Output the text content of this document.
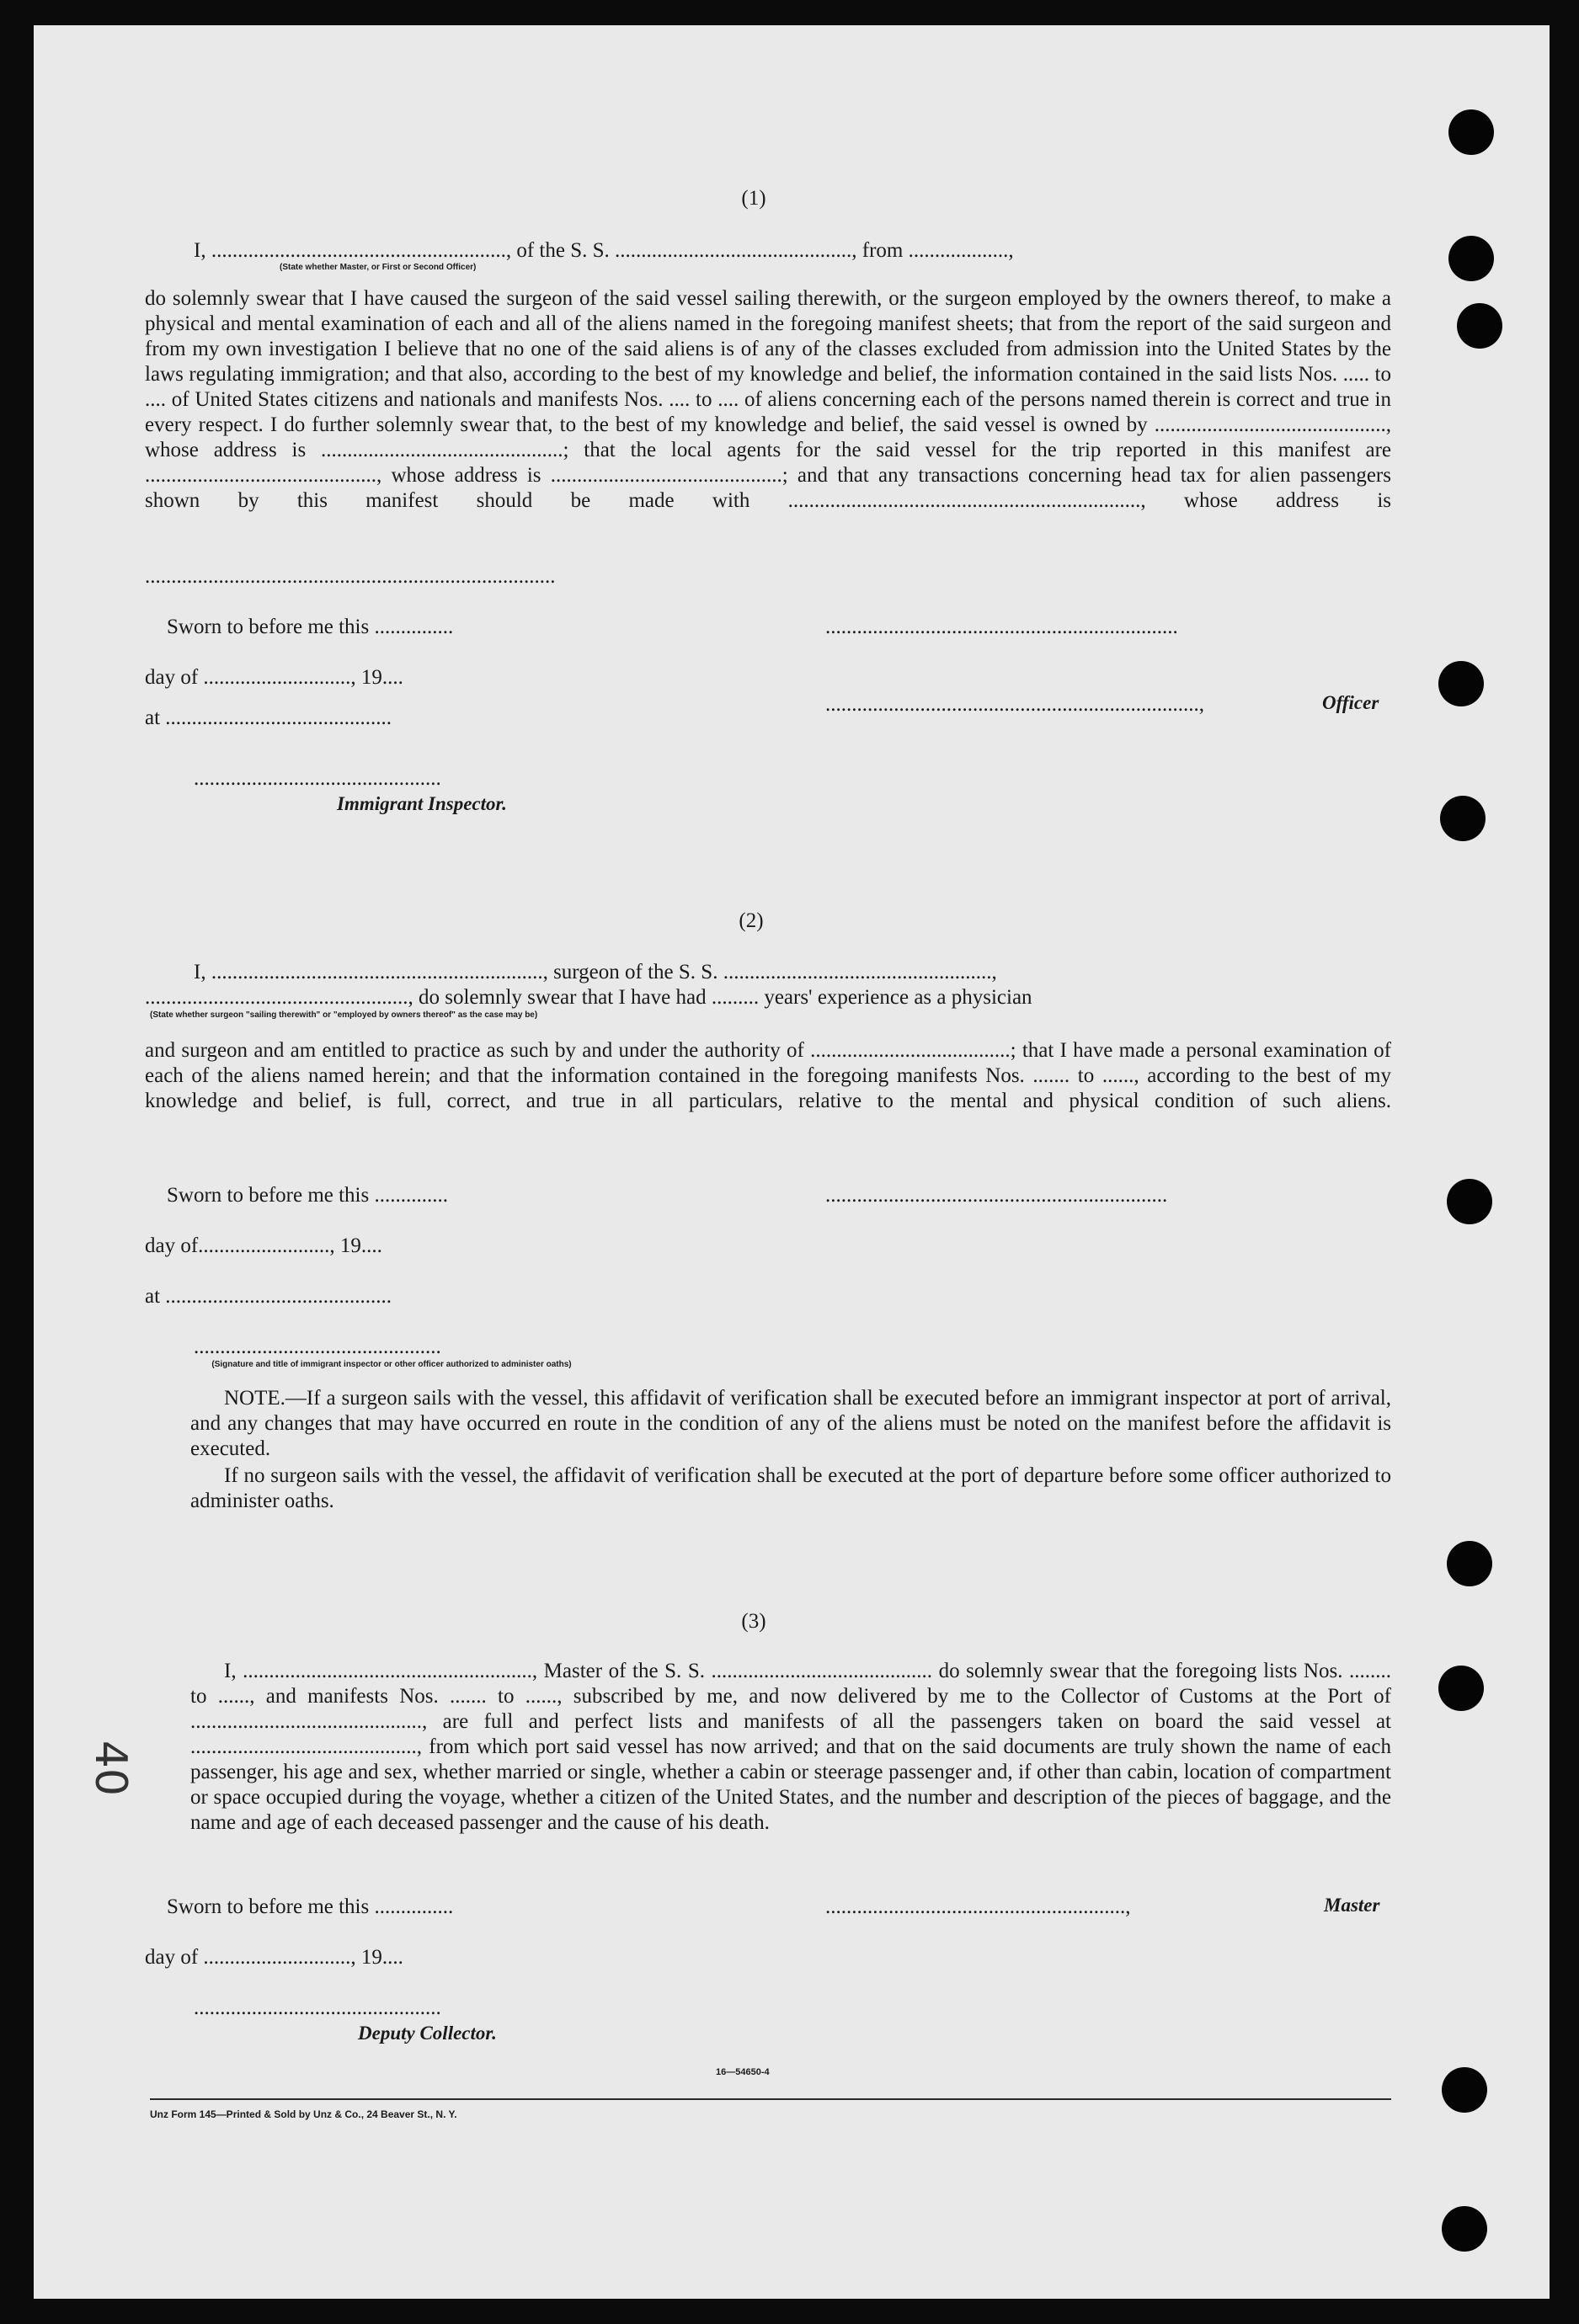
40
(1)
I, ........................................................, of the S. S. ............................................., from ...................,
(State whether Master, or First or Second Officer)
do solemnly swear that I have caused the surgeon of the said vessel sailing therewith, or the surgeon employed by the owners thereof, to make a physical and mental examination of each and all of the aliens named in the foregoing manifest sheets; that from the report of the said surgeon and from my own investigation I believe that no one of the said aliens is of any of the classes excluded from admission into the United States by the laws regulating immigration; and that also, according to the best of my knowledge and belief, the information contained in the said lists Nos. ..... to .... of United States citizens and nationals and manifests Nos. .... to .... of aliens concerning each of the persons named therein is correct and true in every respect. I do further solemnly swear that, to the best of my knowledge and belief, the said vessel is owned by ............................................, whose address is ..............................................; that the local agents for the said vessel for the trip reported in this manifest are ............................................, whose address is ............................................; and that any transactions concerning head tax for alien passengers shown by this manifest should be made with ..................................................................., whose address is
..............................................................................
Sworn to before me this ...............	...................................................................
day of ............................, 19....
.......................................................................,	Officer
at ...........................................
...............................................
Immigrant Inspector.
(2)
I, ..............................................................., surgeon of the S. S. ...................................................,
.................................................., do solemnly swear that I have had ......... years' experience as a physician
(State whether surgeon "sailing therewith" or "employed by owners thereof" as the case may be)
and surgeon and am entitled to practice as such by and under the authority of ......................................; that I have made a personal examination of each of the aliens named herein; and that the information contained in the foregoing manifests Nos. ....... to ......, according to the best of my knowledge and belief, is full, correct, and true in all particulars, relative to the mental and physical condition of such aliens.
Sworn to before me this ..............	.................................................................
day of........................., 19....
at ...........................................
...............................................
(Signature and title of immigrant inspector or other officer authorized to administer oaths)
NOTE.—If a surgeon sails with the vessel, this affidavit of verification shall be executed before an immigrant inspector at port of arrival, and any changes that may have occurred en route in the condition of any of the aliens must be noted on the manifest before the affidavit is executed.
If no surgeon sails with the vessel, the affidavit of verification shall be executed at the port of departure before some officer authorized to administer oaths.
(3)
I, ......................................................., Master of the S. S. .......................................... do solemnly swear that the foregoing lists Nos. ........ to ......, and manifests Nos. ....... to ......, subscribed by me, and now delivered by me to the Collector of Customs at the Port of ............................................, are full and perfect lists and manifests of all the passengers taken on board the said vessel at ..........................................., from which port said vessel has now arrived; and that on the said documents are truly shown the name of each passenger, his age and sex, whether married or single, whether a cabin or steerage passenger and, if other than cabin, location of compartment or space occupied during the voyage, whether a citizen of the United States, and the number and description of the pieces of baggage, and the name and age of each deceased passenger and the cause of his death.
Sworn to before me this ...............	.........................................................,	Master
day of ............................, 19....
...............................................
Deputy Collector.
16—54650-4
Unz Form 145—Printed & Sold by Unz & Co., 24 Beaver St., N. Y.
